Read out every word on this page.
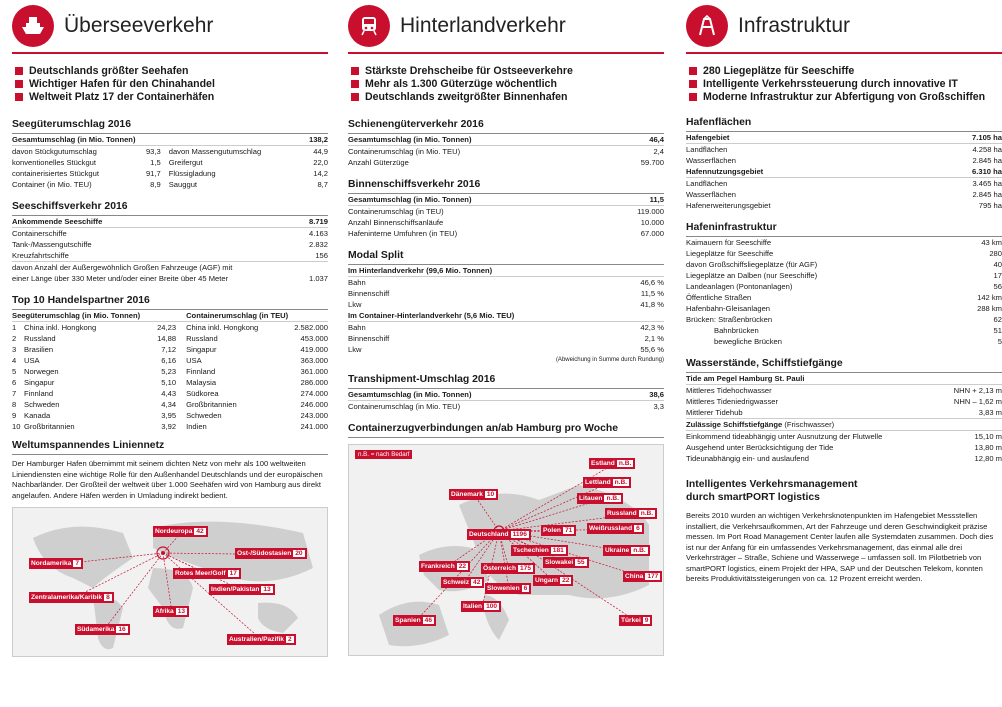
Überseeverkehr
Deutschlands größter Seehafen
Wichtiger Hafen für den Chinahandel
Weltweit Platz 17 der Containerhäfen
Seegüterumschlag 2016
Gesamtumschlag (in Mio. Tonnen)			138,2
davon Stückgutumschlag	93,3	davon Massengutumschlag	44,9
konventionelles Stückgut	1,5	Greifergut	22,0
containerisiertes Stückgut	91,7	Flüssigladung	14,2
Container (in Mio. TEU)	8,9	Sauggut	8,7
Seeschiffsverkehr 2016
Ankommende Seeschiffe	8.719
Containerschiffe	4.163
Tank-/Massengutschiffe	2.832
Kreuzfahrtschiffe	156
davon Anzahl der Außergewöhnlich Großen Fahrzeuge (AGF) mit	
einer Länge über 330 Meter und/oder einer Breite über 45 Meter	1.037
Top 10 Handelspartner 2016
Seegüterumschlag (in Mio. Tonnen)			Containerumschlag (in TEU)	
1	China inkl. Hongkong	24,23	China inkl. Hongkong	2.582.000
2	Russland	14,88	Russland	453.000
3	Brasilien	7,12	Singapur	419.000
4	USA	6,16	USA	363.000
5	Norwegen	5,23	Finnland	361.000
6	Singapur	5,10	Malaysia	286.000
7	Finnland	4,43	Südkorea	274.000
8	Schweden	4,34	Großbritannien	246.000
9	Kanada	3,95	Schweden	243.000
10	Großbritannien	3,92	Indien	241.000
Weltumspannendes Liniennetz

Der Hamburger Hafen übernimmt mit seinem dichten Netz von mehr als 100 weltweiten Liniendiensten eine wichtige Rolle für den Außenhandel Deutschlands und der europäischen Nachbarländer. Der Großteil der weltweit über 1.000 Seehäfen wird von Hamburg aus direkt angelaufen. Andere Häfen werden in Umladung indirekt bedient.

Nordeuropa 42
Ost-/Südostasien 20
Nordamerika 7
Rotes Meer/Golf 17
Zentralamerika/Karibik 8
Indien/Pakistan 13
Afrika 13
Südamerika 16
Australien/Pazifik 2
Hinterlandverkehr
Stärkste Drehscheibe für Ostseeverkehre
Mehr als 1.300 Güterzüge wöchentlich
Deutschlands zweitgrößter Binnenhafen
Schienengüterverkehr 2016
Gesamtumschlag (in Mio. Tonnen)	46,4
Containerumschlag (in Mio. TEU)	2,4
Anzahl Güterzüge	59.700
Binnenschiffsverkehr 2016
Gesamtumschlag (in Mio. Tonnen)	11,5
Containerumschlag (in TEU)	119.000
Anzahl Binnenschiffsanläufe	10.000
Hafeninterne Umfuhren (in TEU)	67.000
Modal Split
Im Hinterlandverkehr (99,6 Mio. Tonnen)	
Bahn	46,6 %
Binnenschiff	11,5 %
Lkw	41,8 %
Im Container-Hinterlandverkehr (5,6 Mio. TEU)	
Bahn	42,3 %
Binnenschiff	2,1 %
Lkw	55,6 %
(Abweichung in Summe durch Rundung)
Transhipment-Umschlag 2016
Gesamtumschlag (in Mio. Tonnen)	38,6
Containerumschlag (in Mio. TEU)	3,3
Containerzugverbindungen an/ab Hamburg pro Woche
n.B. = nach Bedarf
Estland n.B.
Lettland n.B.
Dänemark 10
Litauen n.B.
Russland n.B.
Deutschland 1196
Polen 71	Weißrussland 6
Tschechien 181	Ukraine n.B.
Frankreich 22	Österreich 175
Slowakei 55
Schweiz 42	Ungarn 22
China 177
Slowenien 6
Italien 100
Spanien 46	Türkei 9
Infrastruktur
280 Liegeplätze für Seeschiffe
Intelligente Verkehrssteuerung durch innovative IT
Moderne Infrastruktur zur Abfertigung von Großschiffen
Hafenflächen
Hafengebiet	7.105 ha
Landflächen	4.258 ha
Wasserflächen	2.845 ha
Hafennutzungsgebiet	6.310 ha
Landflächen	3.465 ha
Wasserflächen	2.845 ha
Hafenerweiterungsgebiet	795 ha
Hafeninfrastruktur
Kaimauern für Seeschiffe	43 km
Liegeplätze für Seeschiffe	280
davon Großschiffsliegeplätze (für AGF)	40
Liegeplätze an Dalben (nur Seeschiffe)	17
Landeanlagen (Pontonanlagen)	56
Öffentliche Straßen	142 km
Hafenbahn-Gleisanlagen	288 km
Brücken: Straßenbrücken	62
Bahnbrücken	51
bewegliche Brücken	5
Wasserstände, Schiffstiefgänge
Tide am Pegel Hamburg St. Pauli	
Mittleres Tidehochwasser	NHN + 2,13 m
Mittleres Tideniedrigwasser	NHN – 1,62 m
Mittlerer Tidehub	3,83 m
Zulässige Schiffstiefgänge (Frischwasser)	
Einkommend tideabhängig unter Ausnutzung der Flutwelle	15,10 m
Ausgehend unter Berücksichtigung der Tide	13,80 m
Tideunabhängig ein- und auslaufend	12,80 m
Intelligentes Verkehrsmanagement
durch smartPORT logistics

Bereits 2010 wurden an wichtigen Verkehrsknotenpunkten im Hafengebiet Messstellen installiert, die Verkehrsaufkommen, Art der Fahrzeuge und deren Geschwindigkeit präzise messen. Im Port Road Management Center laufen alle Systemdaten zusammen. Doch dies ist nur der Anfang für ein umfassendes Verkehrsmanagement, das einmal alle drei Verkehrsträger – Straße, Schiene und Wasserwege – umfassen soll. Im Pilotbetrieb von smartPORT logistics, einem Projekt der HPA, SAP und der Deutschen Telekom, konnten bereits Produktivitätssteigerungen von ca. 12 Prozent erreicht werden.
